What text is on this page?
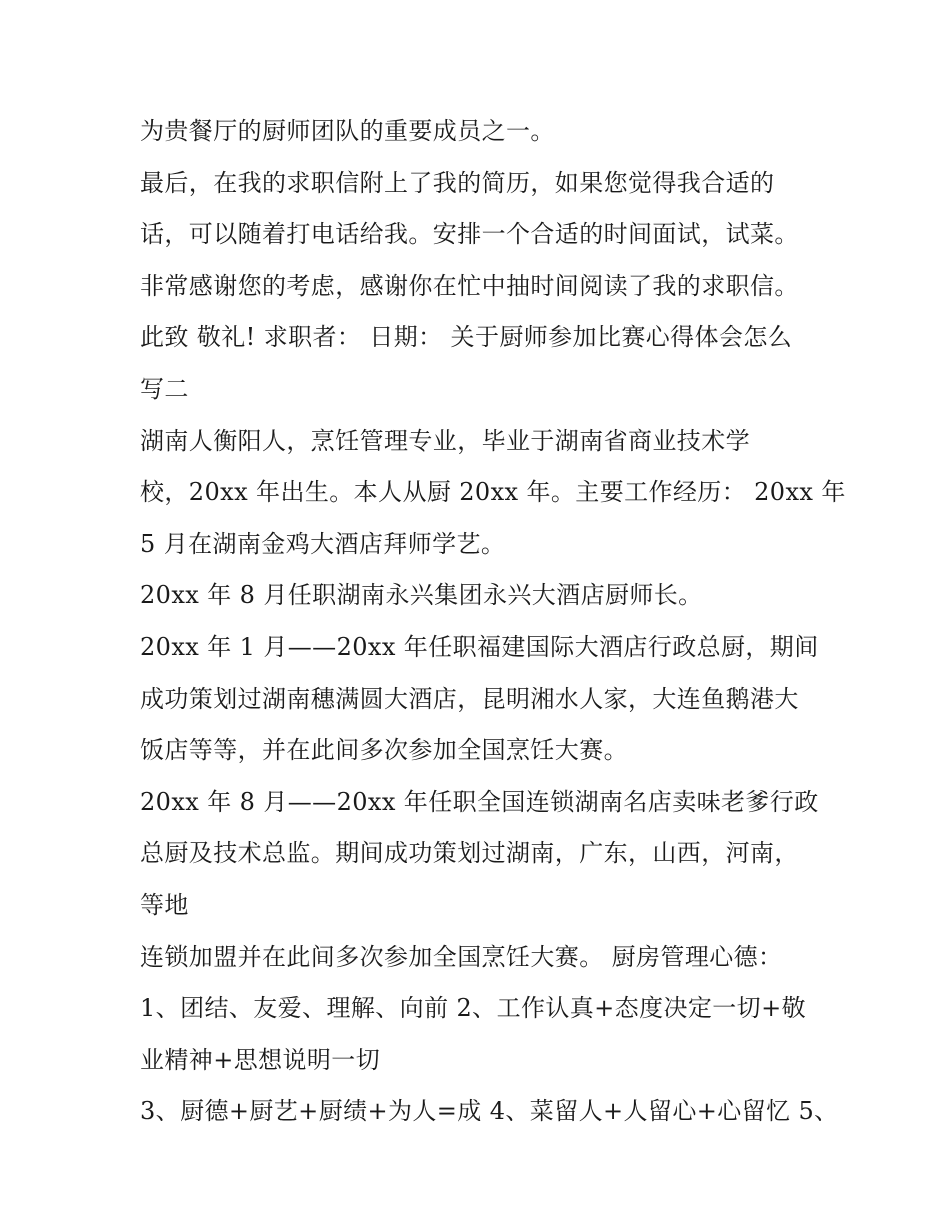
为贵餐厅的厨师团队的重要成员之一。
最后，在我的求职信附上了我的简历，如果您觉得我合适的
话，可以随着打电话给我。安排一个合适的时间面试，试菜。
非常感谢您的考虑，感谢你在忙中抽时间阅读了我的求职信。
此致 敬礼! 求职者： 日期： 关于厨师参加比赛心得体会怎么
写二
湖南人衡阳人，烹饪管理专业，毕业于湖南省商业技术学
校，20xx 年出生。本人从厨 20xx 年。主要工作经历： 20xx 年
5 月在湖南金鸡大酒店拜师学艺。
20xx 年 8 月任职湖南永兴集团永兴大酒店厨师长。
20xx 年 1 月——20xx 年任职福建国际大酒店行政总厨，期间
成功策划过湖南穗满圆大酒店，昆明湘水人家，大连鱼鹅港大
饭店等等，并在此间多次参加全国烹饪大赛。
20xx 年 8 月——20xx 年任职全国连锁湖南名店卖味老爹行政
总厨及技术总监。期间成功策划过湖南，广东，山西，河南，
等地
连锁加盟并在此间多次参加全国烹饪大赛。 厨房管理心德：
1、团结、友爱、理解、向前 2、工作认真+态度决定一切+敬
业精神+思想说明一切
3、厨德+厨艺+厨绩+为人=成 4、菜留人+人留心+心留忆 5、
